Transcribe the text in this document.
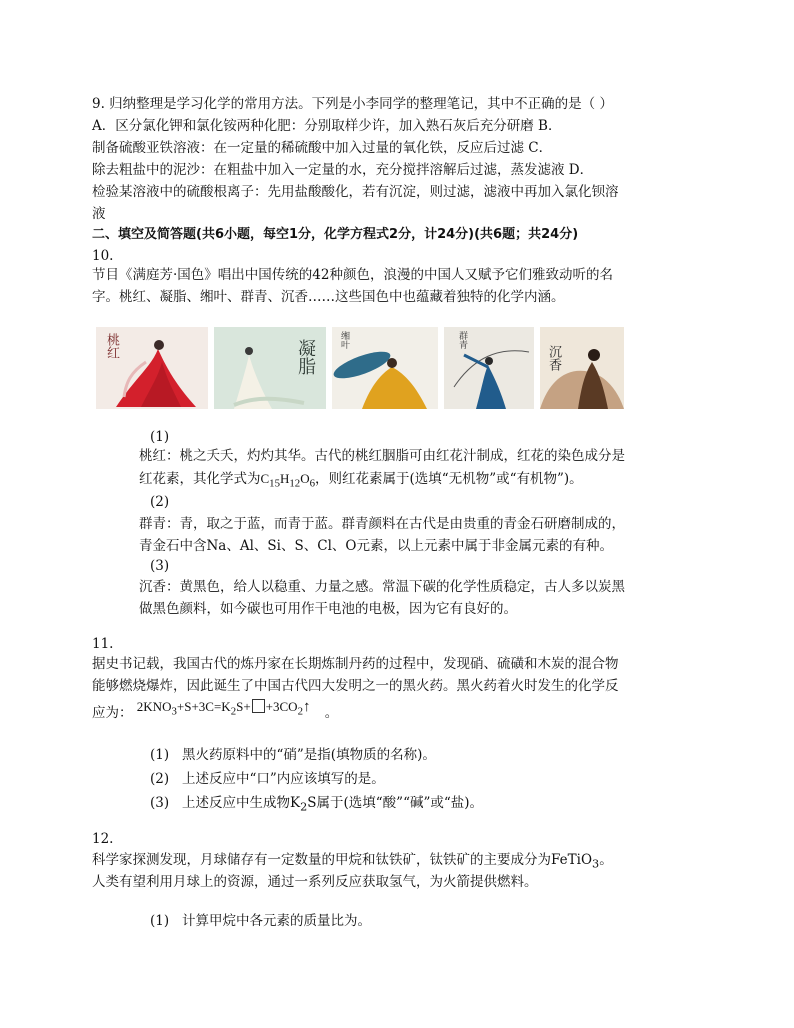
9. 归纳整理是学习化学的常用方法。下列是小李同学的整理笔记，其中不正确的是（ ）
A．区分氯化钾和氯化铵两种化肥：分别取样少许，加入熟石灰后充分研磨 B．
制备硫酸亚铁溶液：在一定量的稀硫酸中加入过量的氧化铁，反应后过滤 C．
除去粗盐中的泥沙：在粗盐中加入一定量的水，充分搅拌溶解后过滤，蒸发滤液 D．
检验某溶液中的硫酸根离子：先用盐酸酸化，若有沉淀，则过滤，滤液中再加入氯化钡溶
液
二、填空及简答题(共6小题，每空1分，化学方程式2分，计24分)(共6题；共24分)
10.
节目《满庭芳·国色》唱出中国传统的42种颜色，浪漫的中国人又赋予它们雅致动听的名
字。桃红、凝脂、缃叶、群青、沉香……这些国色中也蕴藏着独特的化学内涵。
桃红	凝脂	缃叶	群青
沉香
(1)
桃红：桃之夭夭，灼灼其华。古代的桃红胭脂可由红花汁制成，红花的染色成分是
红花素，其化学式为$C_{15}H_{12}O_6$，则红花素属于(选填“无机物”或“有机物”)。
(2)
群青：青，取之于蓝，而青于蓝。群青颜料在古代是由贵重的青金石研磨制成的，
青金石中含Na、Al、Si、S、Cl、O元素，以上元素中属于非金属元素的有种。
(3)
沉香：黄黑色，给人以稳重、力量之感。常温下碳的化学性质稳定，古人多以炭黑
做黑色颜料，如今碳也可用作干电池的电极，因为它有良好的。
11.
据史书记载，我国古代的炼丹家在长期炼制丹药的过程中，发现硝、硫磺和木炭的混合物
能够燃烧爆炸，因此诞生了中国古代四大发明之一的黑火药。黑火药着火时发生的化学反
应为： $2KNO_3+S+3C=K_2S+$ $+3CO_2↑$ 。
(1) 黑火药原料中的“硝”是指(填物质的名称)。
(2) 上述反应中“口”内应该填写的是。
(3) 上述反应中生成物$K_2S$属于(选填“酸”“碱”或“盐)。
12.
科学家探测发现，月球储存有一定数量的甲烷和钛铁矿，钛铁矿的主要成分为FeTiO$_3$。
人类有望利用月球上的资源，通过一系列反应获取氢气，为火箭提供燃料。
(1) 计算甲烷中各元素的质量比为。
